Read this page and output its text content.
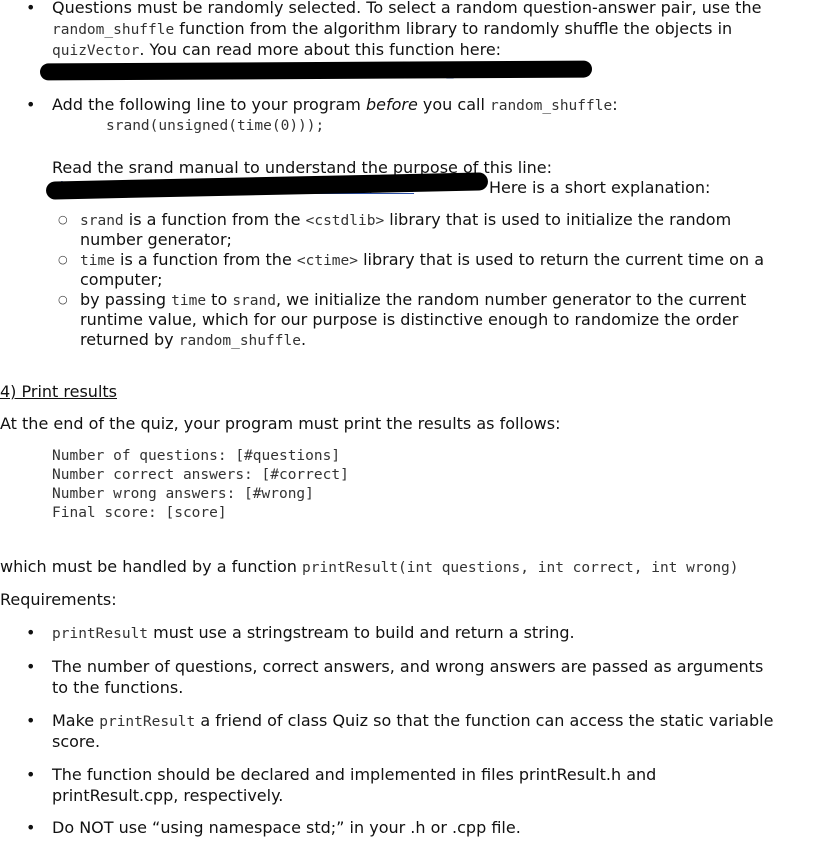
• Questions must be randomly selected. To select a random question-answer pair, use the
random_shuffle function from the algorithm library to randomly shuffle the objects in
quizVector. You can read more about this function here:
• Add the following line to your program before you call random_shuffle:
srand(unsigned(time(0)));
Read the srand manual to understand the purpose of this line:
Here is a short explanation:
○ srand is a function from the <cstdlib> library that is used to initialize the random
number generator;
○ time is a function from the <ctime> library that is used to return the current time on a
computer;
○ by passing time to srand, we initialize the random number generator to the current
runtime value, which for our purpose is distinctive enough to randomize the order
returned by random_shuffle.
4) Print results
At the end of the quiz, your program must print the results as follows:
Number of questions: [#questions]
Number correct answers: [#correct]
Number wrong answers: [#wrong]
Final score: [score]
which must be handled by a function printResult(int questions, int correct, int wrong)
Requirements:
• printResult must use a stringstream to build and return a string.
• The number of questions, correct answers, and wrong answers are passed as arguments
to the functions.
• Make printResult a friend of class Quiz so that the function can access the static variable
score.
• The function should be declared and implemented in files printResult.h and
printResult.cpp, respectively.
• Do NOT use “using namespace std;” in your .h or .cpp file.
